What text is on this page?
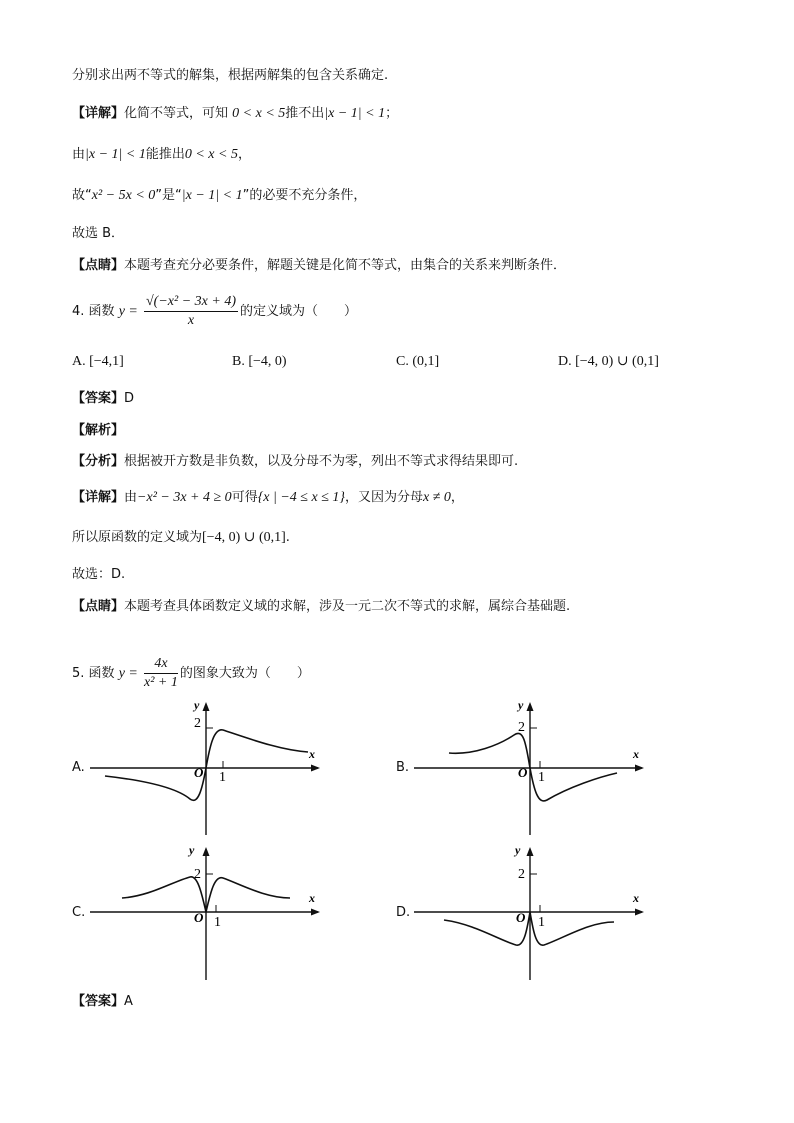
分别求出两不等式的解集，根据两解集的包含关系确定.
【详解】化简不等式，可知 0 < x < 5推不出|x − 1| < 1；
由|x − 1| < 1能推出0 < x < 5，
故“x² − 5x < 0”是“|x − 1| < 1”的必要不充分条件，
故选 B．
【点睛】本题考查充分必要条件，解题关键是化简不等式，由集合的关系来判断条件．
4. 函数 $y = \frac{\text{√(−x² − 3x + 4)}}{x}$ 的定义域为（　　）
A. [−4,1]	B. [−4, 0)	C. (0,1]	D. [−4, 0) ∪ (0,1]
【答案】D
【解析】
【分析】根据被开方数是非负数，以及分母不为零，列出不等式求得结果即可.
【详解】由−x² − 3x + 4 ≥ 0可得{x | −4 ≤ x ≤ 1}，又因为分母x ≠ 0，
所以原函数的定义域为[−4, 0) ∪ (0,1].
故选：D.
【点睛】本题考查具体函数定义域的求解，涉及一元二次不等式的求解，属综合基础题.
5. 函数 $y = \frac{4x}{\text{x² + 1}}$ 的图象大致为（　　）
A.
2
1
O
y
x
B.
2
1
O
y
x
C.
2
1
O
y
x
D.
2
1
O
y
x
【答案】A
